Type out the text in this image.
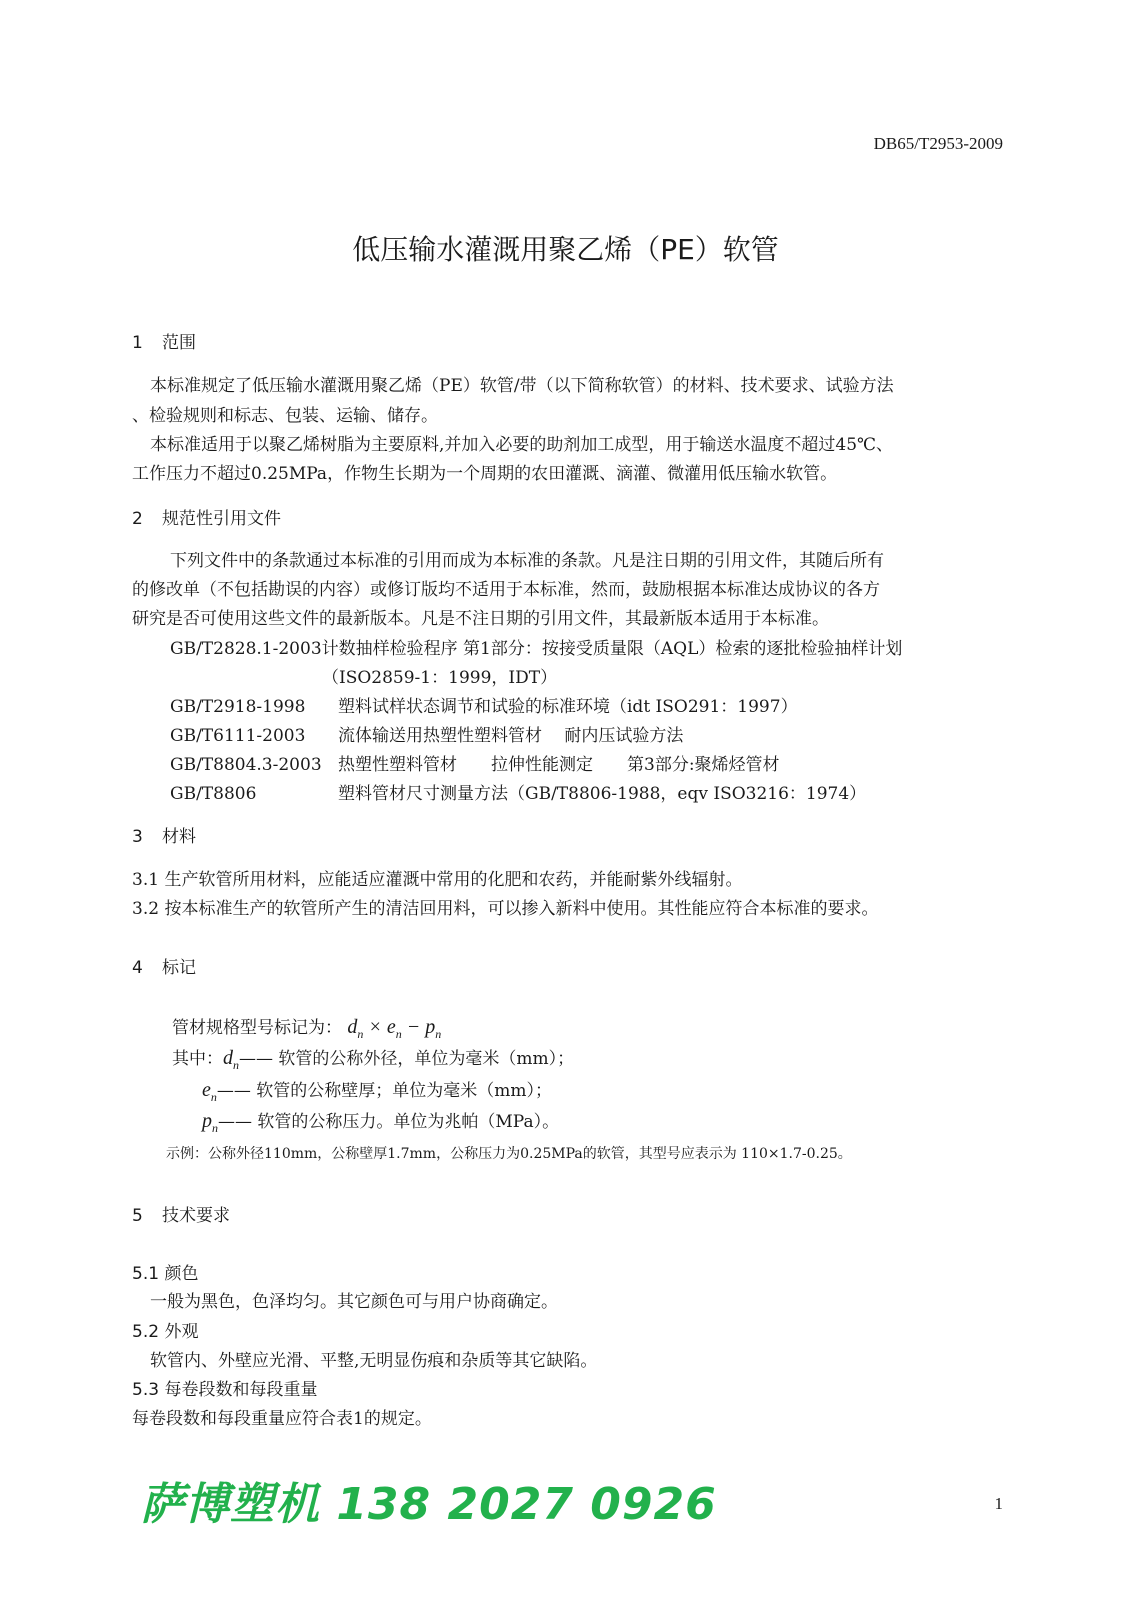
DB65/T2953-2009
低压输水灌溉用聚乙烯（PE）软管
1 范围
本标准规定了低压输水灌溉用聚乙烯（PE）软管/带（以下简称软管）的材料、技术要求、试验方法
、检验规则和标志、包装、运输、储存。
本标准适用于以聚乙烯树脂为主要原料,并加入必要的助剂加工成型，用于输送水温度不超过45℃、
工作压力不超过0.25MPa，作物生长期为一个周期的农田灌溉、滴灌、微灌用低压输水软管。
2 规范性引用文件
下列文件中的条款通过本标准的引用而成为本标准的条款。凡是注日期的引用文件，其随后所有
的修改单（不包括勘误的内容）或修订版均不适用于本标准，然而，鼓励根据本标准达成协议的各方
研究是否可使用这些文件的最新版本。凡是不注日期的引用文件，其最新版本适用于本标准。
GB/T2828.1-2003计数抽样检验程序 第1部分：按接受质量限（AQL）检索的逐批检验抽样计划
（ISO2859-1：1999，IDT）
GB/T2918-1998 塑料试样状态调节和试验的标准环境（idt ISO291：1997）
GB/T6111-2003 流体输送用热塑性塑料管材　 耐内压试验方法
GB/T8804.3-2003 热塑性塑料管材　　拉伸性能测定　　第3部分:聚烯烃管材
GB/T8806	塑料管材尺寸测量方法（GB/T8806-1988，eqv ISO3216：1974）
3 材料
3.1 生产软管所用材料，应能适应灌溉中常用的化肥和农药，并能耐紫外线辐射。
3.2 按本标准生产的软管所产生的清洁回用料，可以掺入新料中使用。其性能应符合本标准的要求。
4 标记
管材规格型号标记为： $d_n \times e_n - p_n$
其中：$d_n——$ 软管的公称外径，单位为毫米（mm）；
$e_n——$ 软管的公称壁厚；单位为毫米（mm）；
$p_n——$ 软管的公称压力。单位为兆帕（MPa）。
示例：公称外径110mm，公称壁厚1.7mm，公称压力为0.25MPa的软管，其型号应表示为 110×1.7-0.25。
5 技术要求
5.1 颜色
一般为黑色，色泽均匀。其它颜色可与用户协商确定。
5.2 外观
软管内、外壁应光滑、平整,无明显伤痕和杂质等其它缺陷。
5.3 每卷段数和每段重量
每卷段数和每段重量应符合表1的规定。
萨博塑机 138 2027 0926	1
